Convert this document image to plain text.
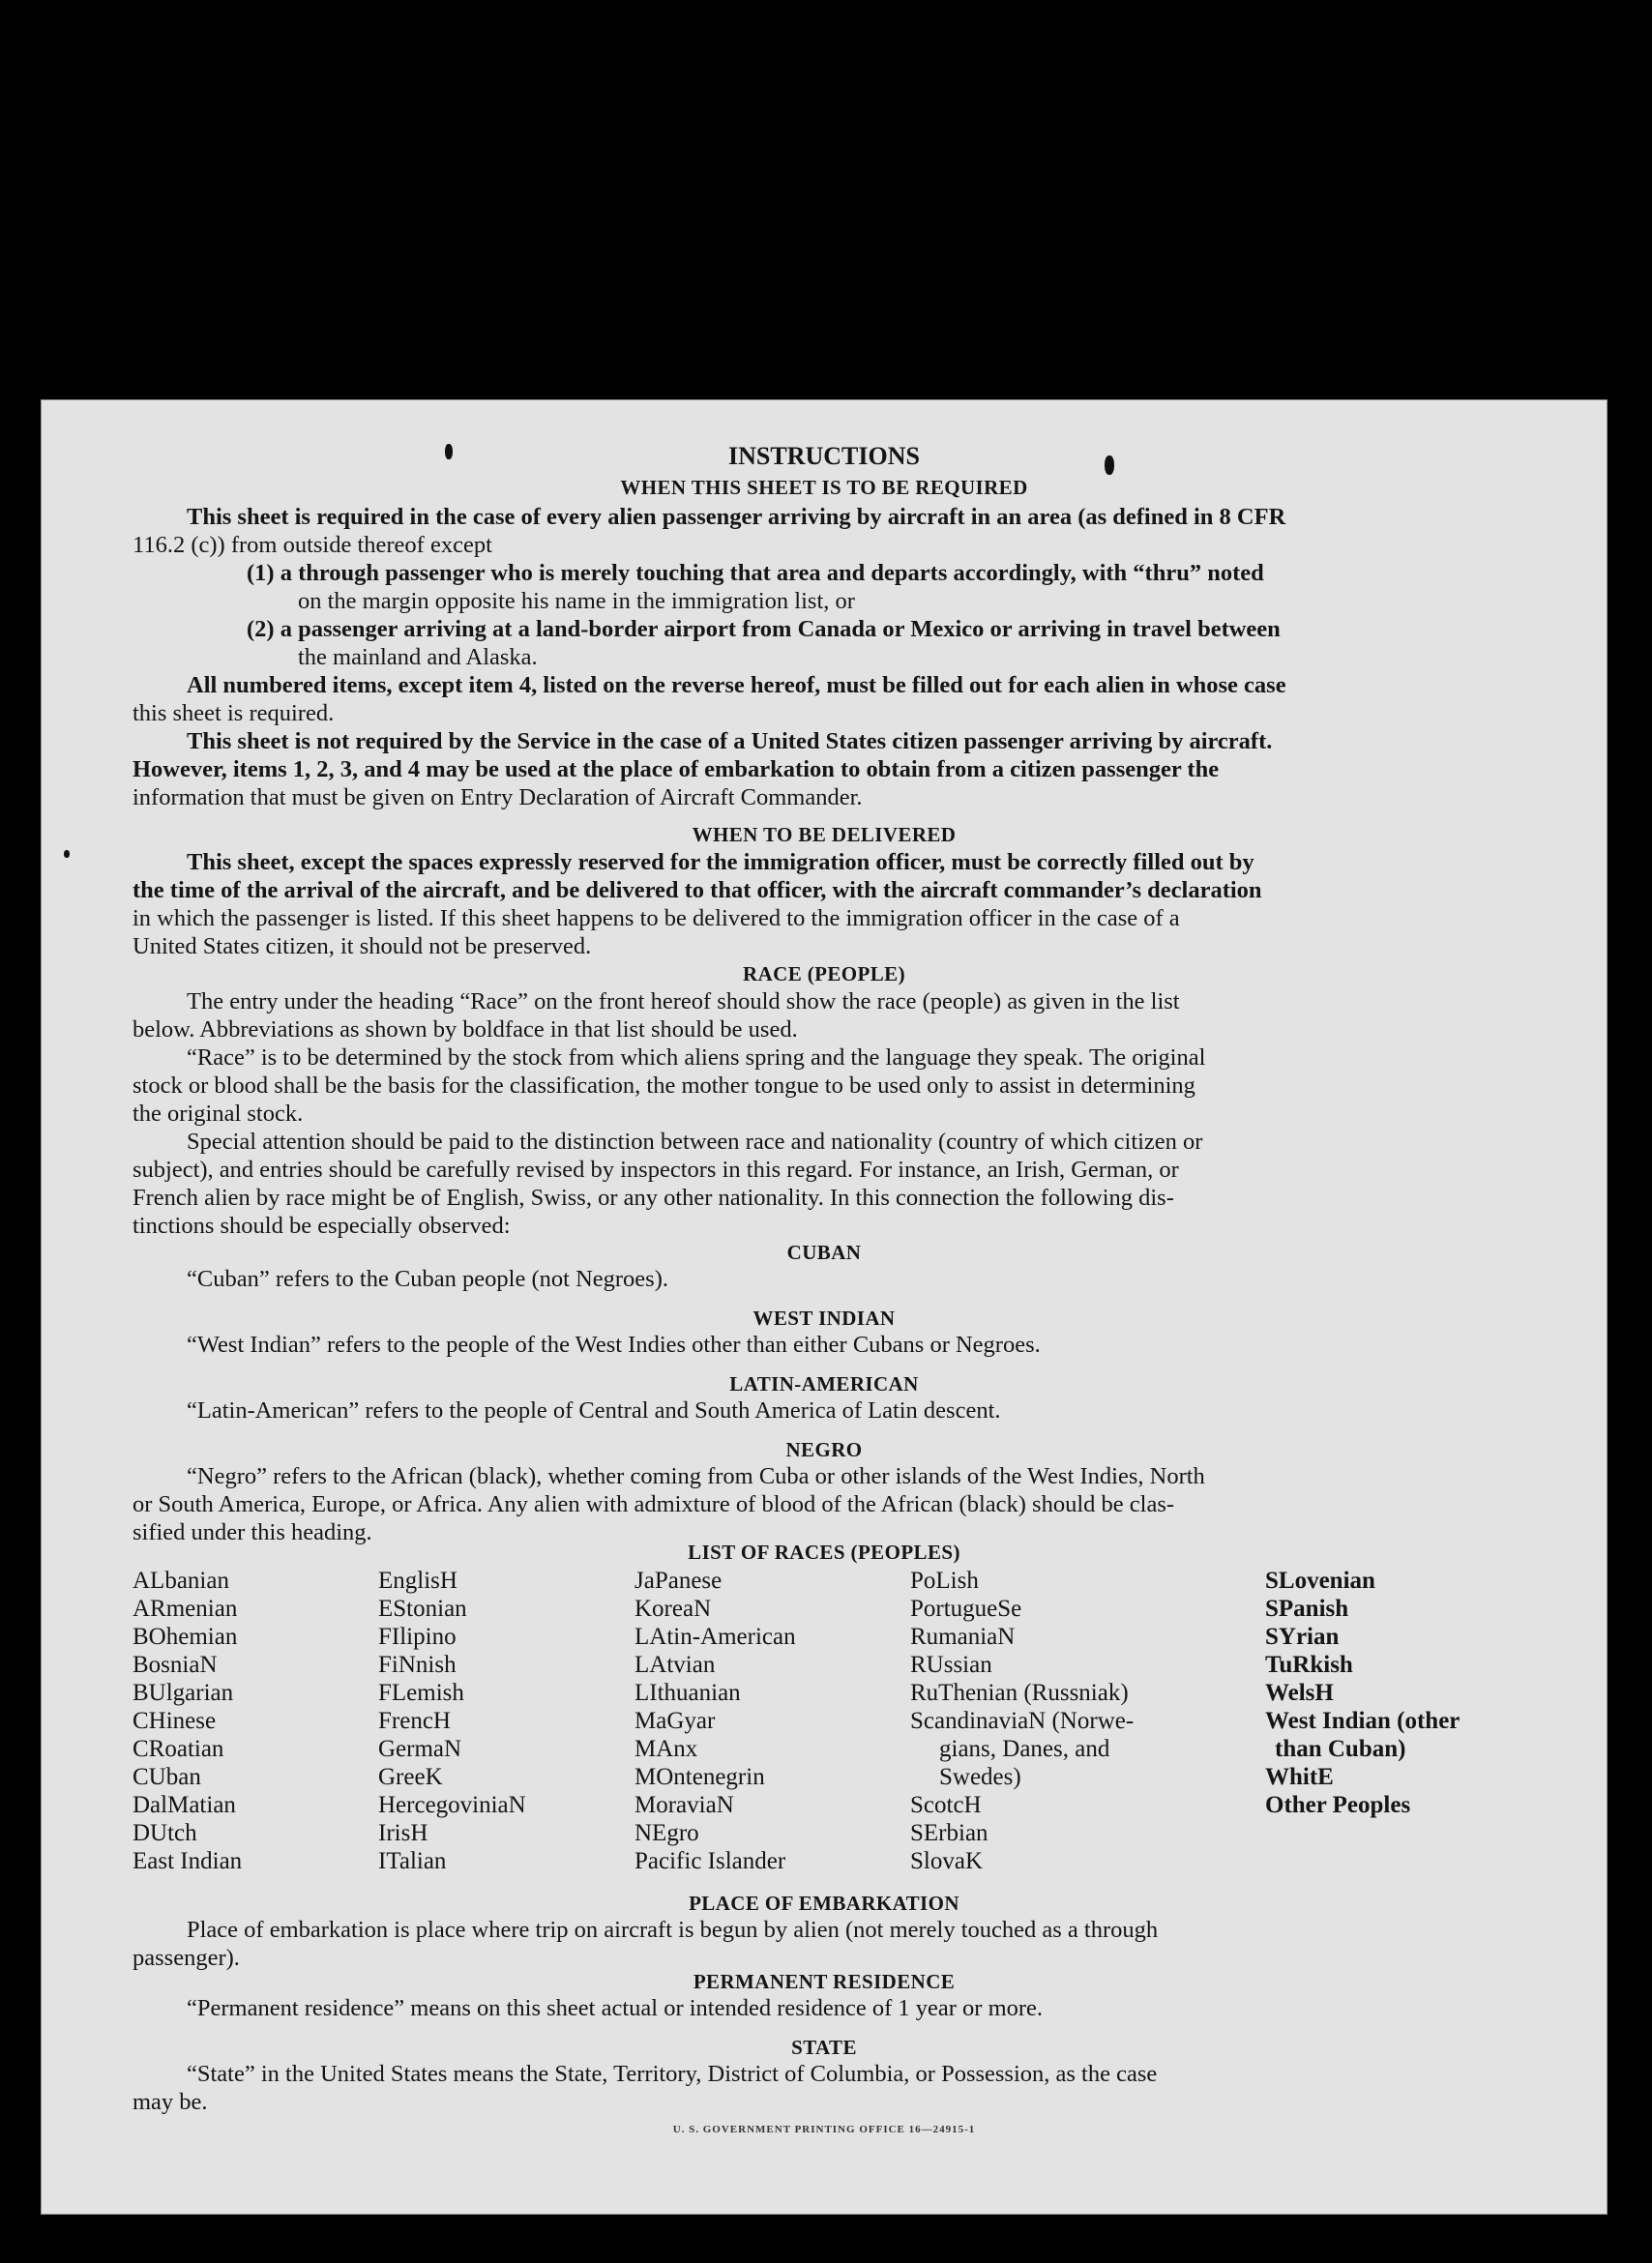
INSTRUCTIONS
WHEN THIS SHEET IS TO BE REQUIRED
This sheet is required in the case of every alien passenger arriving by aircraft in an area (as defined in 8 CFR
116.2 (c)) from outside thereof except
(1) a through passenger who is merely touching that area and departs accordingly, with “thru” noted
on the margin opposite his name in the immigration list, or
(2) a passenger arriving at a land-border airport from Canada or Mexico or arriving in travel between
the mainland and Alaska.
All numbered items, except item 4, listed on the reverse hereof, must be filled out for each alien in whose case
this sheet is required.
This sheet is not required by the Service in the case of a United States citizen passenger arriving by aircraft.
However, items 1, 2, 3, and 4 may be used at the place of embarkation to obtain from a citizen passenger the
information that must be given on Entry Declaration of Aircraft Commander.
WHEN TO BE DELIVERED
This sheet, except the spaces expressly reserved for the immigration officer, must be correctly filled out by
the time of the arrival of the aircraft, and be delivered to that officer, with the aircraft commander’s declaration
in which the passenger is listed. If this sheet happens to be delivered to the immigration officer in the case of a
United States citizen, it should not be preserved.
RACE (PEOPLE)
The entry under the heading “Race” on the front hereof should show the race (people) as given in the list
below. Abbreviations as shown by boldface in that list should be used.
“Race” is to be determined by the stock from which aliens spring and the language they speak. The original
stock or blood shall be the basis for the classification, the mother tongue to be used only to assist in determining
the original stock.
Special attention should be paid to the distinction between race and nationality (country of which citizen or
subject), and entries should be carefully revised by inspectors in this regard. For instance, an Irish, German, or
French alien by race might be of English, Swiss, or any other nationality. In this connection the following dis-
tinctions should be especially observed:
CUBAN
“Cuban” refers to the Cuban people (not Negroes).
WEST INDIAN
“West Indian” refers to the people of the West Indies other than either Cubans or Negroes.
LATIN-AMERICAN
“Latin-American” refers to the people of Central and South America of Latin descent.
NEGRO
“Negro” refers to the African (black), whether coming from Cuba or other islands of the West Indies, North
or South America, Europe, or Africa. Any alien with admixture of blood of the African (black) should be clas-
sified under this heading.
LIST OF RACES (PEOPLES)
PLACE OF EMBARKATION
Place of embarkation is place where trip on aircraft is begun by alien (not merely touched as a through
passenger).
PERMANENT RESIDENCE
“Permanent residence” means on this sheet actual or intended residence of 1 year or more.
STATE
“State” in the United States means the State, Territory, District of Columbia, or Possession, as the case
may be.
U. S. GOVERNMENT PRINTING OFFICE 16—24915-1
ALbanian
ARmenian
BOhemian
BosniaN
BUlgarian
CHinese
CRoatian
CUban
DalMatian
DUtch
East Indian
EnglisH
EStonian
FIlipino
FiNnish
FLemish
FrencH
GermaN
GreeK
HercegoviniaN
IrisH
ITalian
JaPanese
KoreaN
LAtin-American
LAtvian
LIthuanian
MaGyar
MAnx
MOntenegrin
MoraviaN
NEgro
Pacific Islander
PoLish
PortugueSe
RumaniaN
RUssian
RuThenian (Russniak)
ScandinaviaN (Norwe-
gians, Danes, and
Swedes)
ScotcH
SErbian
SlovaK
SLovenian
SPanish
SYrian
TuRkish
WelsH
West Indian (other
than Cuban)
WhitE
Other Peoples
